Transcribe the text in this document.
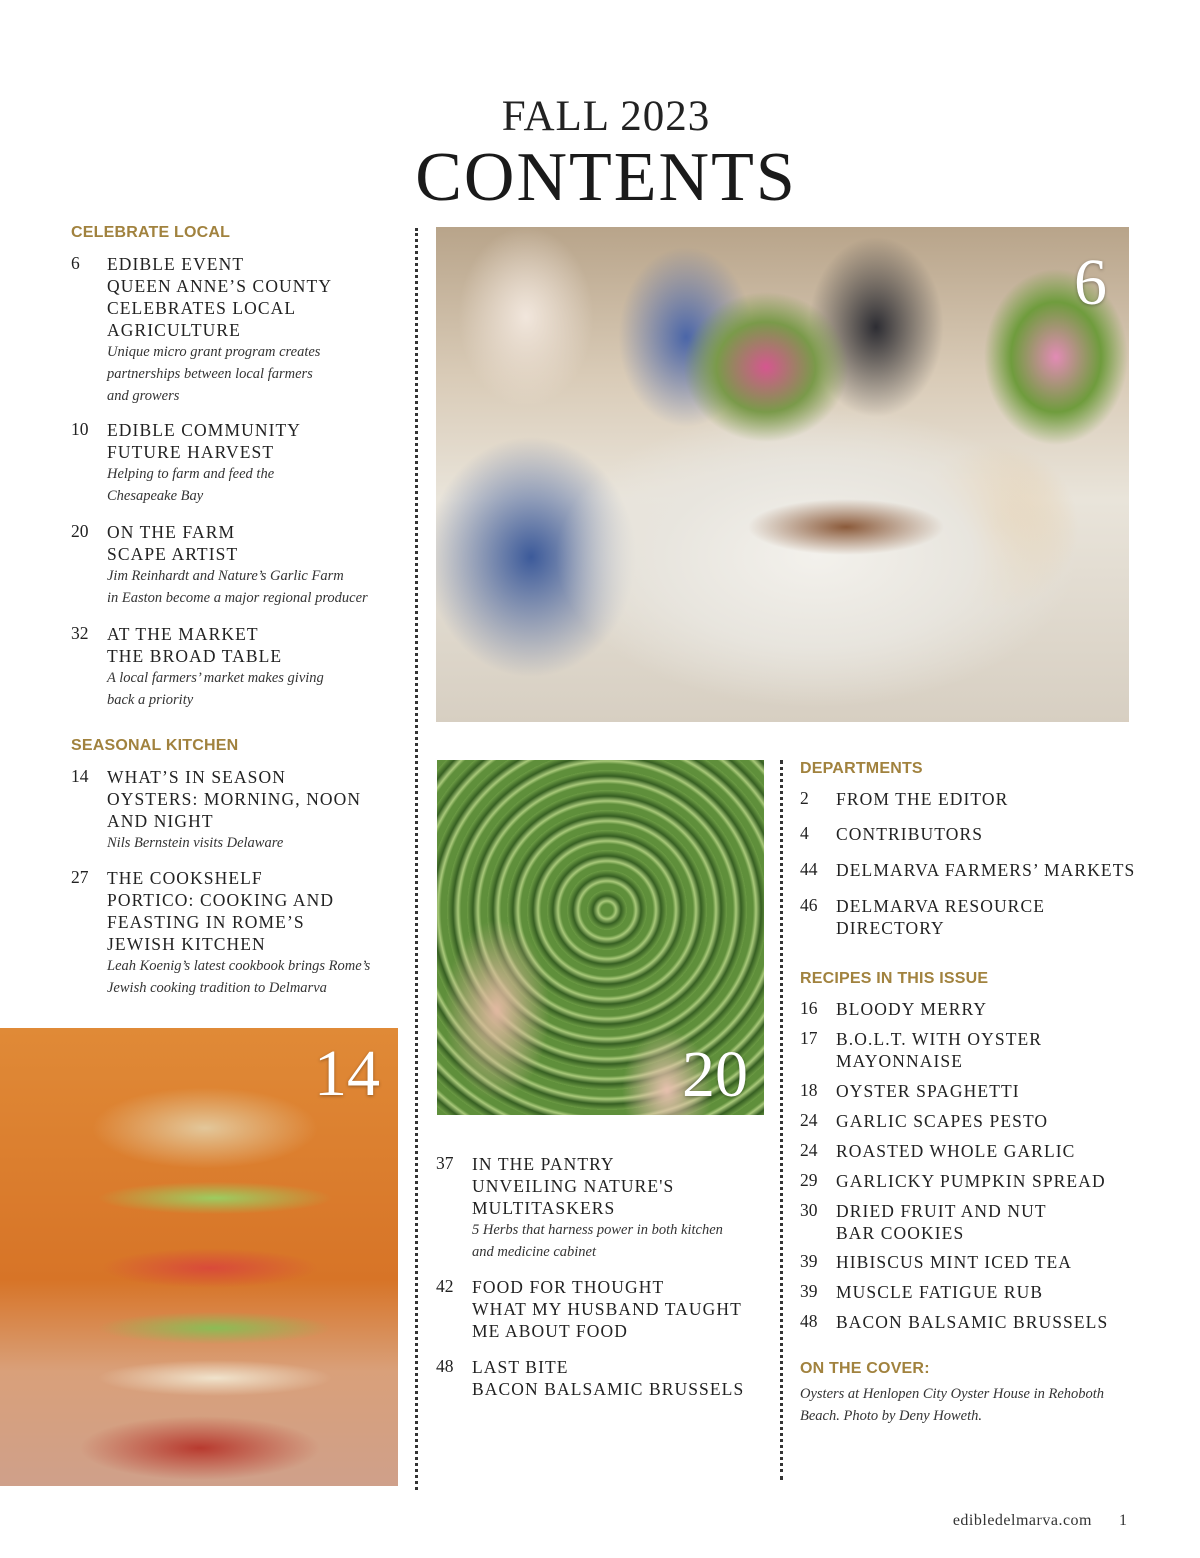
FALL 2023
CONTENTS
CELEBRATE LOCAL
6 EDIBLE EVENT
QUEEN ANNE’S COUNTY
CELEBRATES LOCAL
AGRICULTURE
Unique micro grant program creates
partnerships between local farmers
and growers
10 EDIBLE COMMUNITY
FUTURE HARVEST
Helping to farm and feed the
Chesapeake Bay
20 ON THE FARM
SCAPE ARTIST
Jim Reinhardt and Nature’s Garlic Farm
in Easton become a major regional producer
32 AT THE MARKET
THE BROAD TABLE
A local farmers’ market makes giving
back a priority
SEASONAL KITCHEN
14 WHAT’S IN SEASON
OYSTERS: MORNING, NOON
AND NIGHT
Nils Bernstein visits Delaware
27 THE COOKSHELF
PORTICO: COOKING AND
FEASTING IN ROME’S
JEWISH KITCHEN
Leah Koenig’s latest cookbook brings Rome’s
Jewish cooking tradition to Delmarva
6
20
14
37 IN THE PANTRY
UNVEILING NATURE'S
MULTITASKERS
5 Herbs that harness power in both kitchen
and medicine cabinet
42 FOOD FOR THOUGHT
WHAT MY HUSBAND TAUGHT
ME ABOUT FOOD
48 LAST BITE
BACON BALSAMIC BRUSSELS
DEPARTMENTS
2 FROM THE EDITOR
4 CONTRIBUTORS
44 DELMARVA FARMERS’ MARKETS
46 DELMARVA RESOURCE
DIRECTORY
RECIPES IN THIS ISSUE
16 BLOODY MERRY
17 B.O.L.T. WITH OYSTER
MAYONNAISE
18 OYSTER SPAGHETTI
24 GARLIC SCAPES PESTO
24 ROASTED WHOLE GARLIC
29 GARLICKY PUMPKIN SPREAD
30 DRIED FRUIT AND NUT
BAR COOKIES
39 HIBISCUS MINT ICED TEA
39 MUSCLE FATIGUE RUB
48 BACON BALSAMIC BRUSSELS
ON THE COVER:
Oysters at Henlopen City Oyster House in Rehoboth
Beach. Photo by Deny Howeth.
edibledelmarva.com 1
